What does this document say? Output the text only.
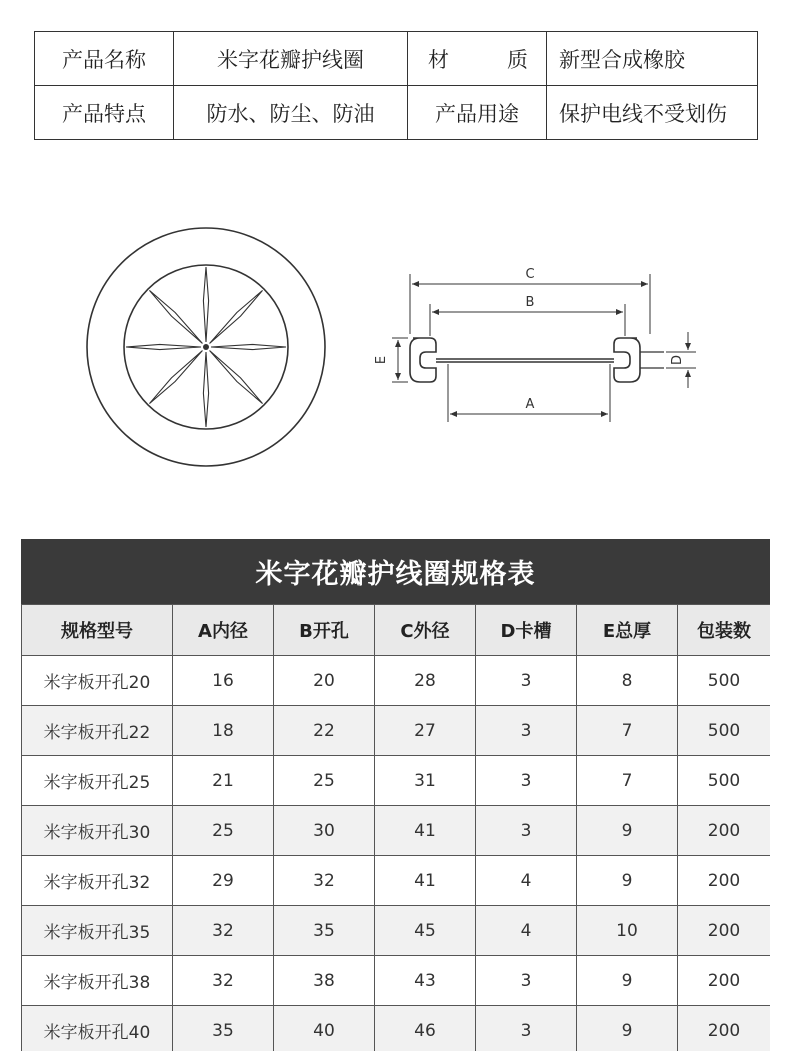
产品名称	米字花瓣护线圈	材 质	新型合成橡胶
产品特点	防水、防尘、防油	产品用途	保护电线不受划伤
C
B
A
E	D
米字花瓣护线圈规格表
规格型号	A内径	B开孔	C外径	D卡槽	E总厚	包装数
米字板开孔20	16	20	28	3	8	500
米字板开孔22	18	22	27	3	7	500
米字板开孔25	21	25	31	3	7	500
米字板开孔30	25	30	41	3	9	200
米字板开孔32	29	32	41	4	9	200
米字板开孔35	32	35	45	4	10	200
米字板开孔38	32	38	43	3	9	200
米字板开孔40	35	40	46	3	9	200
